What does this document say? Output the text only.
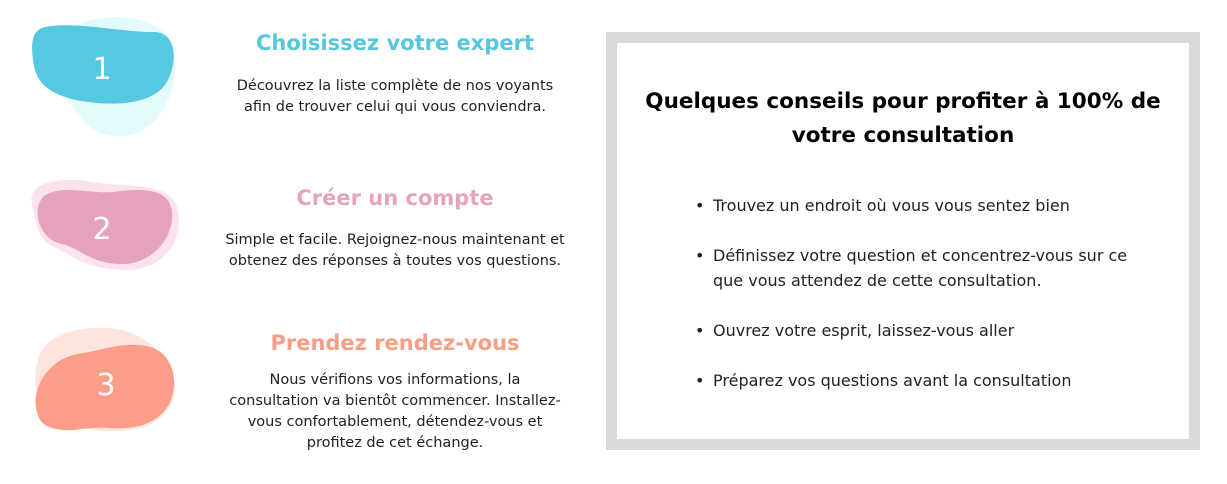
1
Choisissez votre expert
Découvrez la liste complète de nos voyants afin de trouver celui qui vous conviendra.
2
Créer un compte
Simple et facile. Rejoignez-nous maintenant et obtenez des réponses à toutes vos questions.
3
Prendez rendez-vous
Nous vérifions vos informations, la consultation va bientôt commencer. Installez-vous confortablement, détendez-vous et profitez de cet échange.
Quelques conseils pour profiter à 100% de votre consultation
• Trouvez un endroit où vous vous sentez bien
• Définissez votre question et concentrez-vous sur ce que vous attendez de cette consultation.
• Ouvrez votre esprit, laissez-vous aller
• Préparez vos questions avant la consultation
